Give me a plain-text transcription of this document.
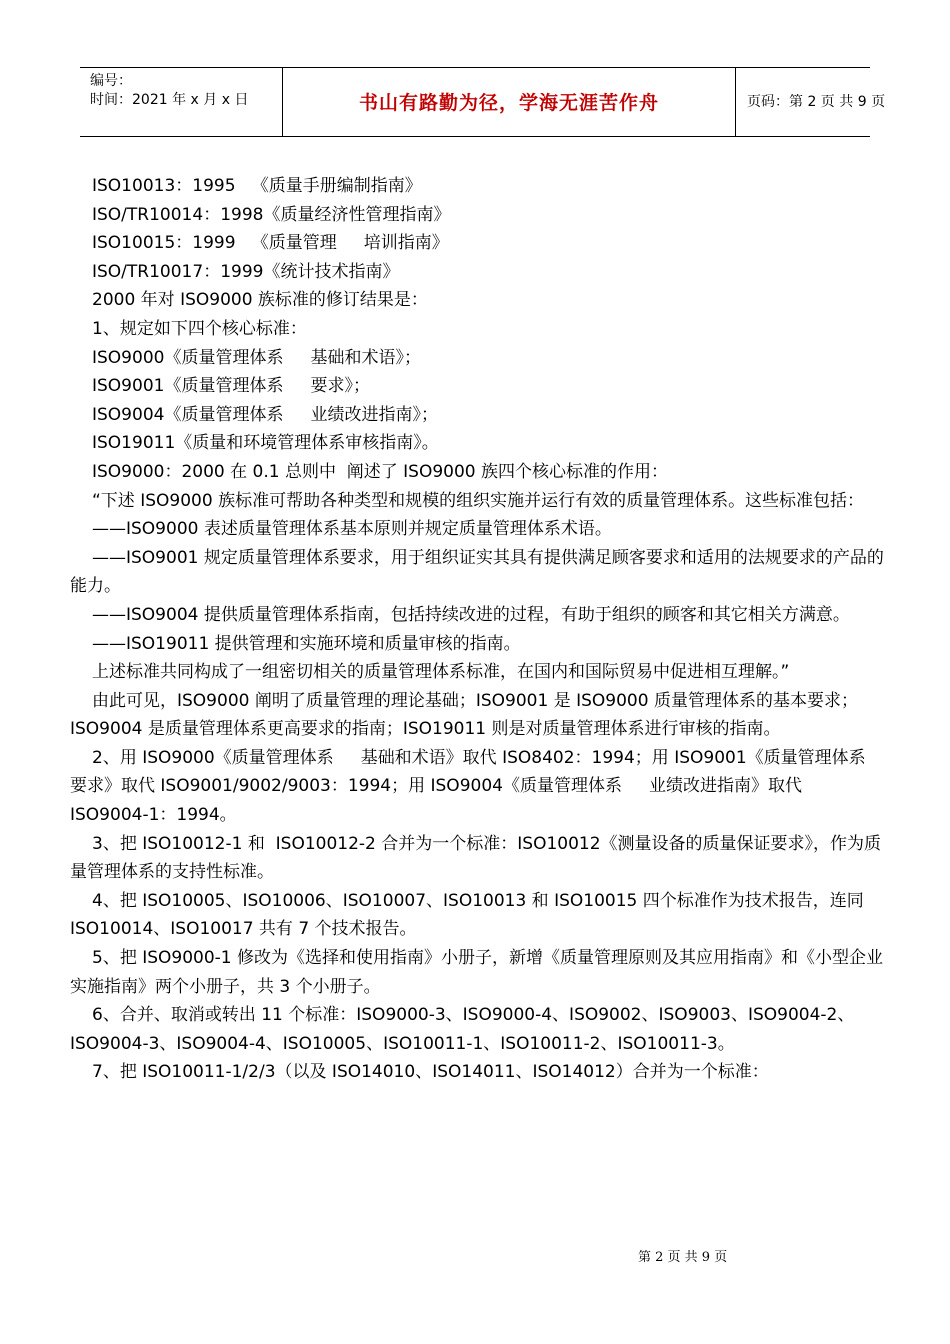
编号：
时间：2021 年 x 月 x 日	书山有路勤为径，学海无涯苦作舟	页码：第 2 页 共 9 页

ISO10013：1995   《质量手册编制指南》

ISO/TR10014：1998《质量经济性管理指南》

ISO10015：1999   《质量管理     培训指南》

ISO/TR10017：1999《统计技术指南》

2000 年对 ISO9000 族标准的修订结果是：

1、规定如下四个核心标准：

ISO9000《质量管理体系     基础和术语》；

ISO9001《质量管理体系     要求》；

ISO9004《质量管理体系     业绩改进指南》；

ISO19011《质量和环境管理体系审核指南》。

ISO9000：2000 在 0.1 总则中  阐述了 ISO9000 族四个核心标准的作用：

“下述 ISO9000 族标准可帮助各种类型和规模的组织实施并运行有效的质量管理体系。这些标准包括：

——ISO9000 表述质量管理体系基本原则并规定质量管理体系术语。

——ISO9001 规定质量管理体系要求，用于组织证实其具有提供满足顾客要求和适用的法规要求的产品的能力。

——ISO9004 提供质量管理体系指南，包括持续改进的过程，有助于组织的顾客和其它相关方满意。

——ISO19011 提供管理和实施环境和质量审核的指南。

上述标准共同构成了一组密切相关的质量管理体系标准，在国内和国际贸易中促进相互理解。”

由此可见，ISO9000 阐明了质量管理的理论基础；ISO9001 是 ISO9000 质量管理体系的基本要求；ISO9004 是质量管理体系更高要求的指南；ISO19011 则是对质量管理体系进行审核的指南。

2、用 ISO9000《质量管理体系     基础和术语》取代 ISO8402：1994；用 ISO9001《质量管理体系     要求》取代 ISO9001/9002/9003：1994；用 ISO9004《质量管理体系     业绩改进指南》取代 ISO9004-1：1994。

3、把 ISO10012-1 和  ISO10012-2 合并为一个标准：ISO10012《测量设备的质量保证要求》，作为质量管理体系的支持性标准。

4、把 ISO10005、ISO10006、ISO10007、ISO10013 和 ISO10015 四个标准作为技术报告，连同 ISO10014、ISO10017 共有 7 个技术报告。

5、把 ISO9000-1 修改为《选择和使用指南》小册子，新增《质量管理原则及其应用指南》和《小型企业实施指南》两个小册子，共 3 个小册子。

6、合并、取消或转出 11 个标准：ISO9000-3、ISO9000-4、ISO9002、ISO9003、ISO9004-2、ISO9004-3、ISO9004-4、ISO10005、ISO10011-1、ISO10011-2、ISO10011-3。

7、把 ISO10011-1/2/3（以及 ISO14010、ISO14011、ISO14012）合并为一个标准：

第 2 页 共 9 页
